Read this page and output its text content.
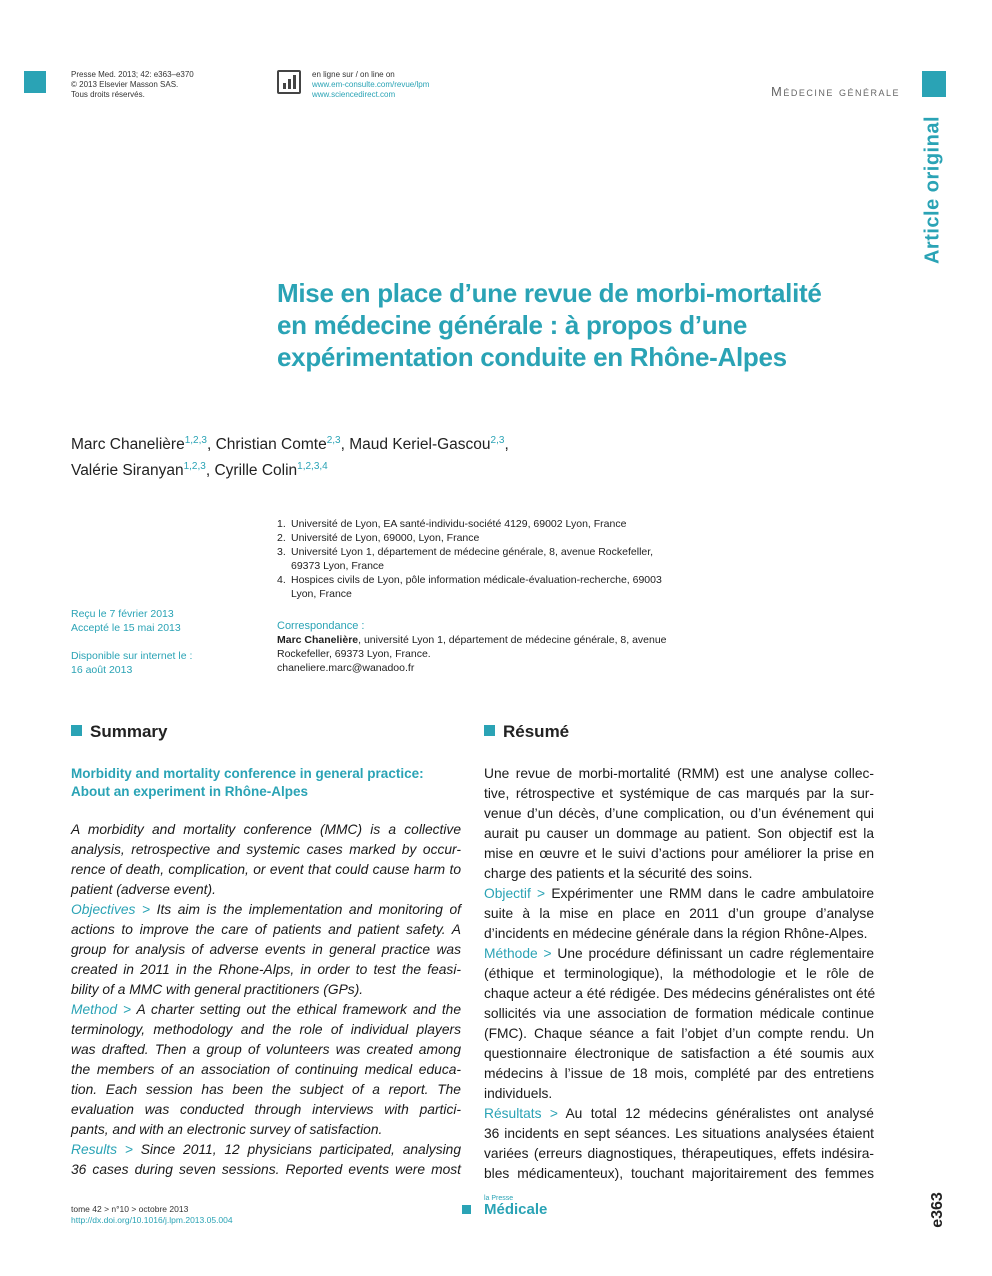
Presse Med. 2013; 42: e363–e370
© 2013 Elsevier Masson SAS.
Tous droits réservés.
en ligne sur / on line on
www.em-consulte.com/revue/lpm
www.sciencedirect.com	Médecine générale
Article original
Mise en place d’une revue de morbi-mortalité
en médecine générale : à propos d’une
expérimentation conduite en Rhône-Alpes
Marc Chanelière$^{1,2,3}$, Christian Comte$^{2,3}$, Maud Keriel-Gascou$^{2,3}$,
Valérie Siranyan$^{1,2,3}$, Cyrille Colin$^{1,2,3,4}$
1. Université de Lyon, EA santé-individu-société 4129, 69002 Lyon, France
2. Université de Lyon, 69000, Lyon, France
3. Université Lyon 1, département de médecine générale, 8, avenue Rockefeller,
69373 Lyon, France
4. Hospices civils de Lyon, pôle information médicale-évaluation-recherche, 69003
Lyon, France
Reçu le 7 février 2013
Accepté le 15 mai 2013
Disponible sur internet le :
16 août 2013
Correspondance :
Marc Chanelière, université Lyon 1, département de médecine générale, 8, avenue
Rockefeller, 69373 Lyon, France.
chaneliere.marc@wanadoo.fr
Summary	Résumé
Morbidity and mortality conference in general practice:
About an experiment in Rhône-Alpes
A morbidity and mortality conference (MMC) is a collective
analysis, retrospective and systemic cases marked by occur-
rence of death, complication, or event that could cause harm to
patient (adverse event).
Objectives > Its aim is the implementation and monitoring of
actions to improve the care of patients and patient safety. A
group for analysis of adverse events in general practice was
created in 2011 in the Rhone-Alps, in order to test the feasi-
bility of a MMC with general practitioners (GPs).
Method > A charter setting out the ethical framework and the
terminology, methodology and the role of individual players
was drafted. Then a group of volunteers was created among
the members of an association of continuing medical educa-
tion. Each session has been the subject of a report. The
evaluation was conducted through interviews with partici-
pants, and with an electronic survey of satisfaction.
Results > Since 2011, 12 physicians participated, analysing
36 cases during seven sessions. Reported events were most
Une revue de morbi-mortalité (RMM) est une analyse collec-
tive, rétrospective et systémique de cas marqués par la sur-
venue d’un décès, d’une complication, ou d’un événement qui
aurait pu causer un dommage au patient. Son objectif est la
mise en œuvre et le suivi d’actions pour améliorer la prise en
charge des patients et la sécurité des soins.
Objectif > Expérimenter une RMM dans le cadre ambulatoire
suite à la mise en place en 2011 d’un groupe d’analyse
d’incidents en médecine générale dans la région Rhône-Alpes.
Méthode > Une procédure définissant un cadre réglementaire
(éthique et terminologique), la méthodologie et le rôle de
chaque acteur a été rédigée. Des médecins généralistes ont été
sollicités via une association de formation médicale continue
(FMC). Chaque séance a fait l’objet d’un compte rendu. Un
questionnaire électronique de satisfaction a été soumis aux
médecins à l’issue de 18 mois, complété par des entretiens
individuels.
Résultats > Au total 12 médecins généralistes ont analysé
36 incidents en sept séances. Les situations analysées étaient
variées (erreurs diagnostiques, thérapeutiques, effets indésira-
bles médicamenteux), touchant majoritairement des femmes
tome 42 > n°10 > octobre 2013
http://dx.doi.org/10.1016/j.lpm.2013.05.004
la Presse
Médicale	e363
